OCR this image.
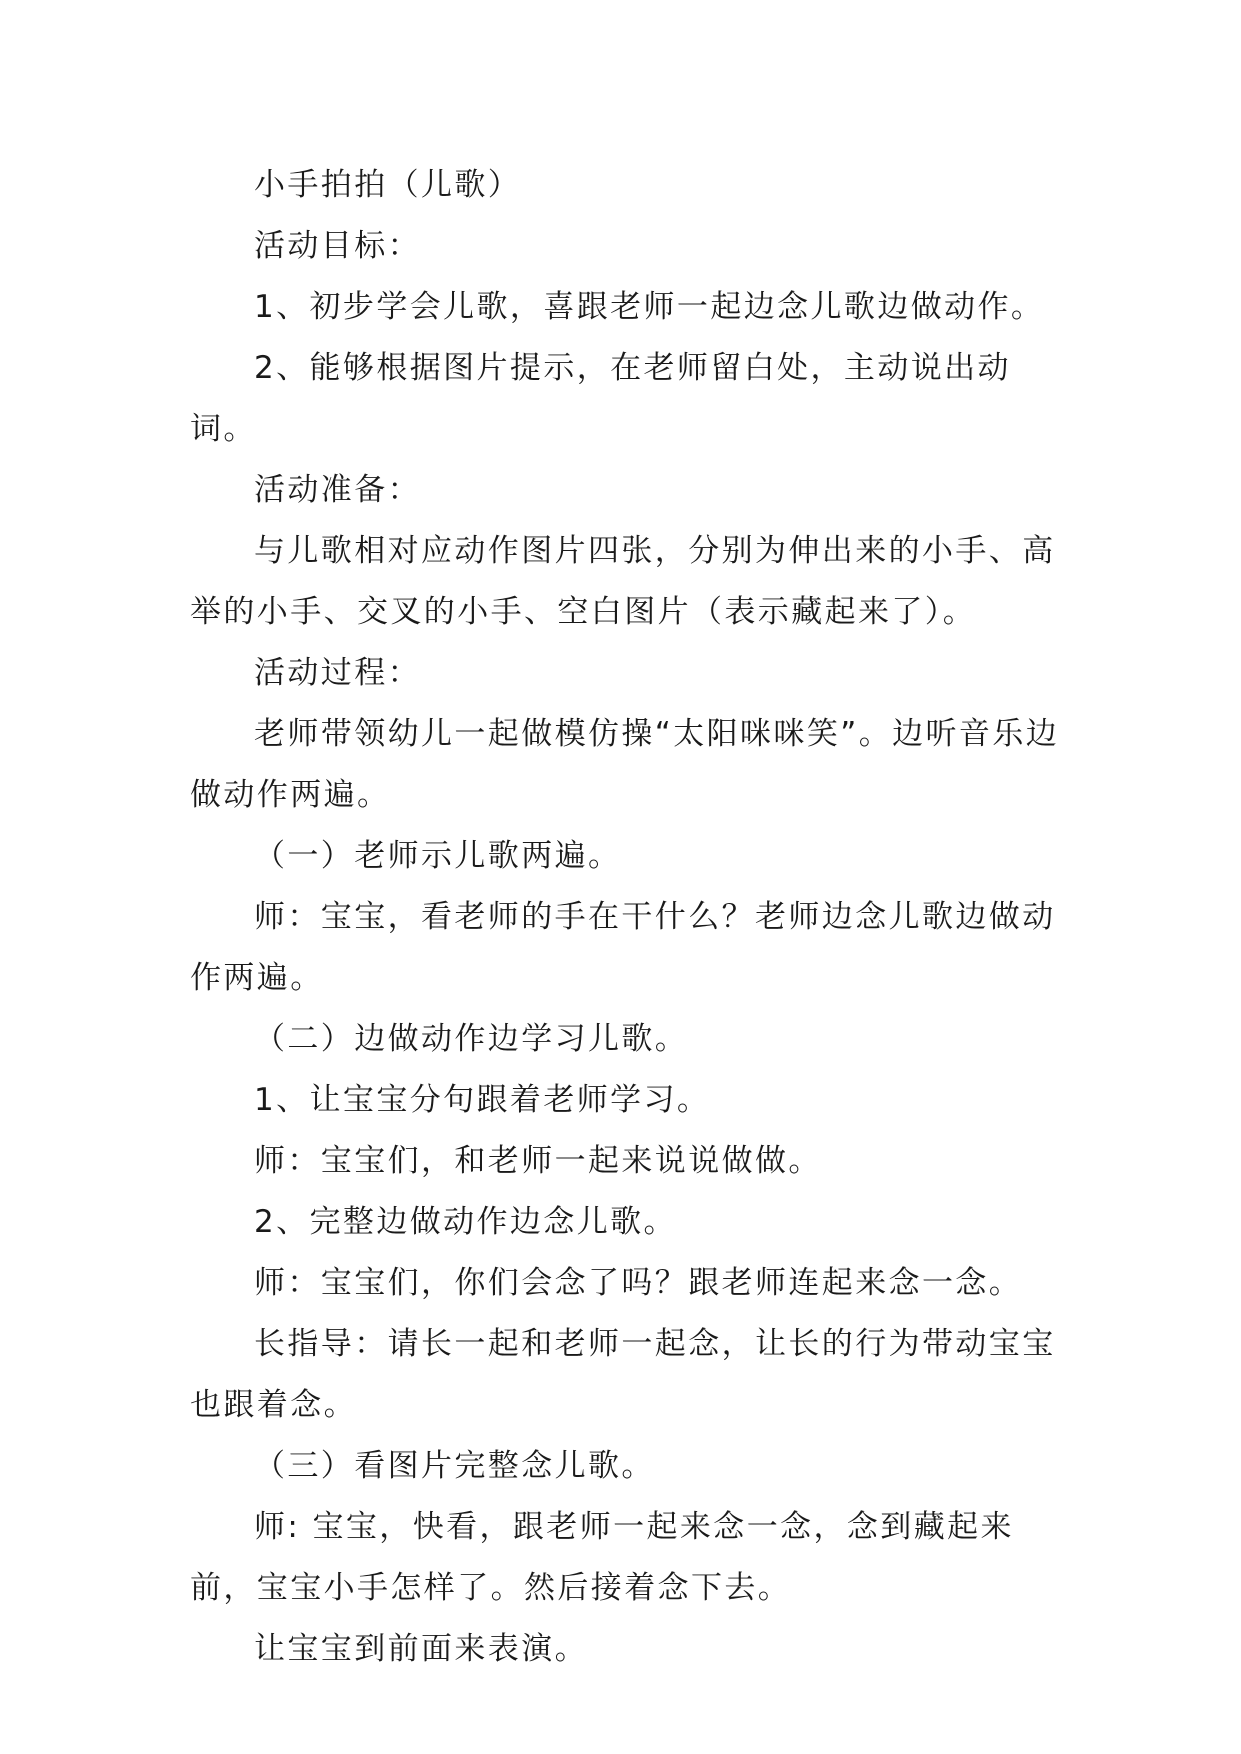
小手拍拍（儿歌）

活动目标：

1、初步学会儿歌，喜跟老师一起边念儿歌边做动作。

2、能够根据图片提示，在老师留白处，主动说出动词。

活动准备：

与儿歌相对应动作图片四张，分别为伸出来的小手、高举的小手、交叉的小手、空白图片（表示藏起来了）。

活动过程：

老师带领幼儿一起做模仿操“太阳咪咪笑”。边听音乐边做动作两遍。

（一）老师示儿歌两遍。

师：宝宝，看老师的手在干什么？老师边念儿歌边做动作两遍。

（二）边做动作边学习儿歌。

1、让宝宝分句跟着老师学习。

师：宝宝们，和老师一起来说说做做。

2、完整边做动作边念儿歌。

师：宝宝们，你们会念了吗？跟老师连起来念一念。

长指导：请长一起和老师一起念，让长的行为带动宝宝也跟着念。

（三）看图片完整念儿歌。

师: 宝宝，快看，跟老师一起来念一念，念到藏起来前，宝宝小手怎样了。然后接着念下去。

让宝宝到前面来表演。
